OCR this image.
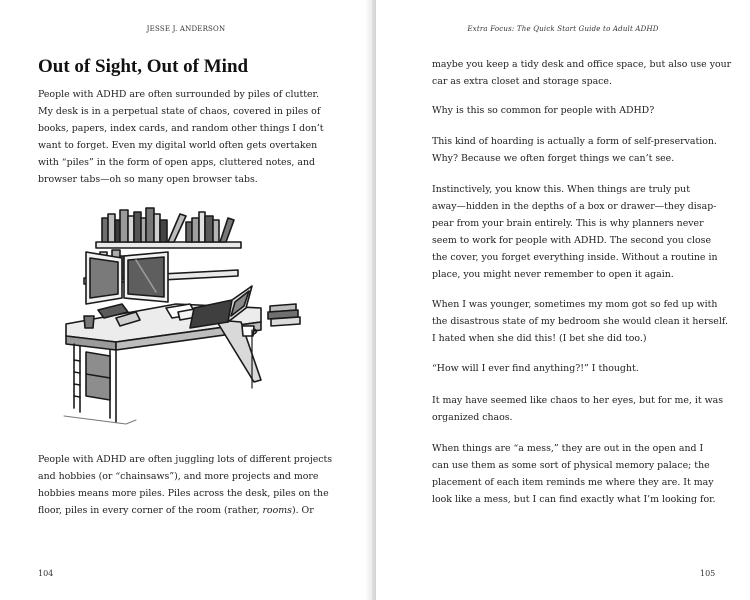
JESSE J. ANDERSON
Out of Sight, Out of Mind

People with ADHD are often surrounded by piles of clutter.
My desk is in a perpetual state of chaos, covered in piles of
books, papers, index cards, and random other things I don’t
want to forget. Even my digital world often gets overtaken
with “piles” in the form of open apps, cluttered notes, and
browser tabs—oh so many open browser tabs.

People with ADHD are often juggling lots of different projects
and hobbies (or “chainsaws”), and more projects and more
hobbies means more piles. Piles across the desk, piles on the
floor, piles in every corner of the room (rather, rooms). Or

104
Extra Focus: The Quick Start Guide to Adult ADHD

maybe you keep a tidy desk and office space, but also use your
car as extra closet and storage space.

Why is this so common for people with ADHD?

This kind of hoarding is actually a form of self-preservation.
Why? Because we often forget things we can’t see.

Instinctively, you know this. When things are truly put
away—hidden in the depths of a box or drawer—they disap-
pear from your brain entirely. This is why planners never
seem to work for people with ADHD. The second you close
the cover, you forget everything inside. Without a routine in
place, you might never remember to open it again.

When I was younger, sometimes my mom got so fed up with
the disastrous state of my bedroom she would clean it herself.
I hated when she did this! (I bet she did too.)

“How will I ever find anything?!” I thought.

It may have seemed like chaos to her eyes, but for me, it was
organized chaos.

When things are “a mess,” they are out in the open and I
can use them as some sort of physical memory palace; the
placement of each item reminds me where they are. It may
look like a mess, but I can find exactly what I’m looking for.

105
